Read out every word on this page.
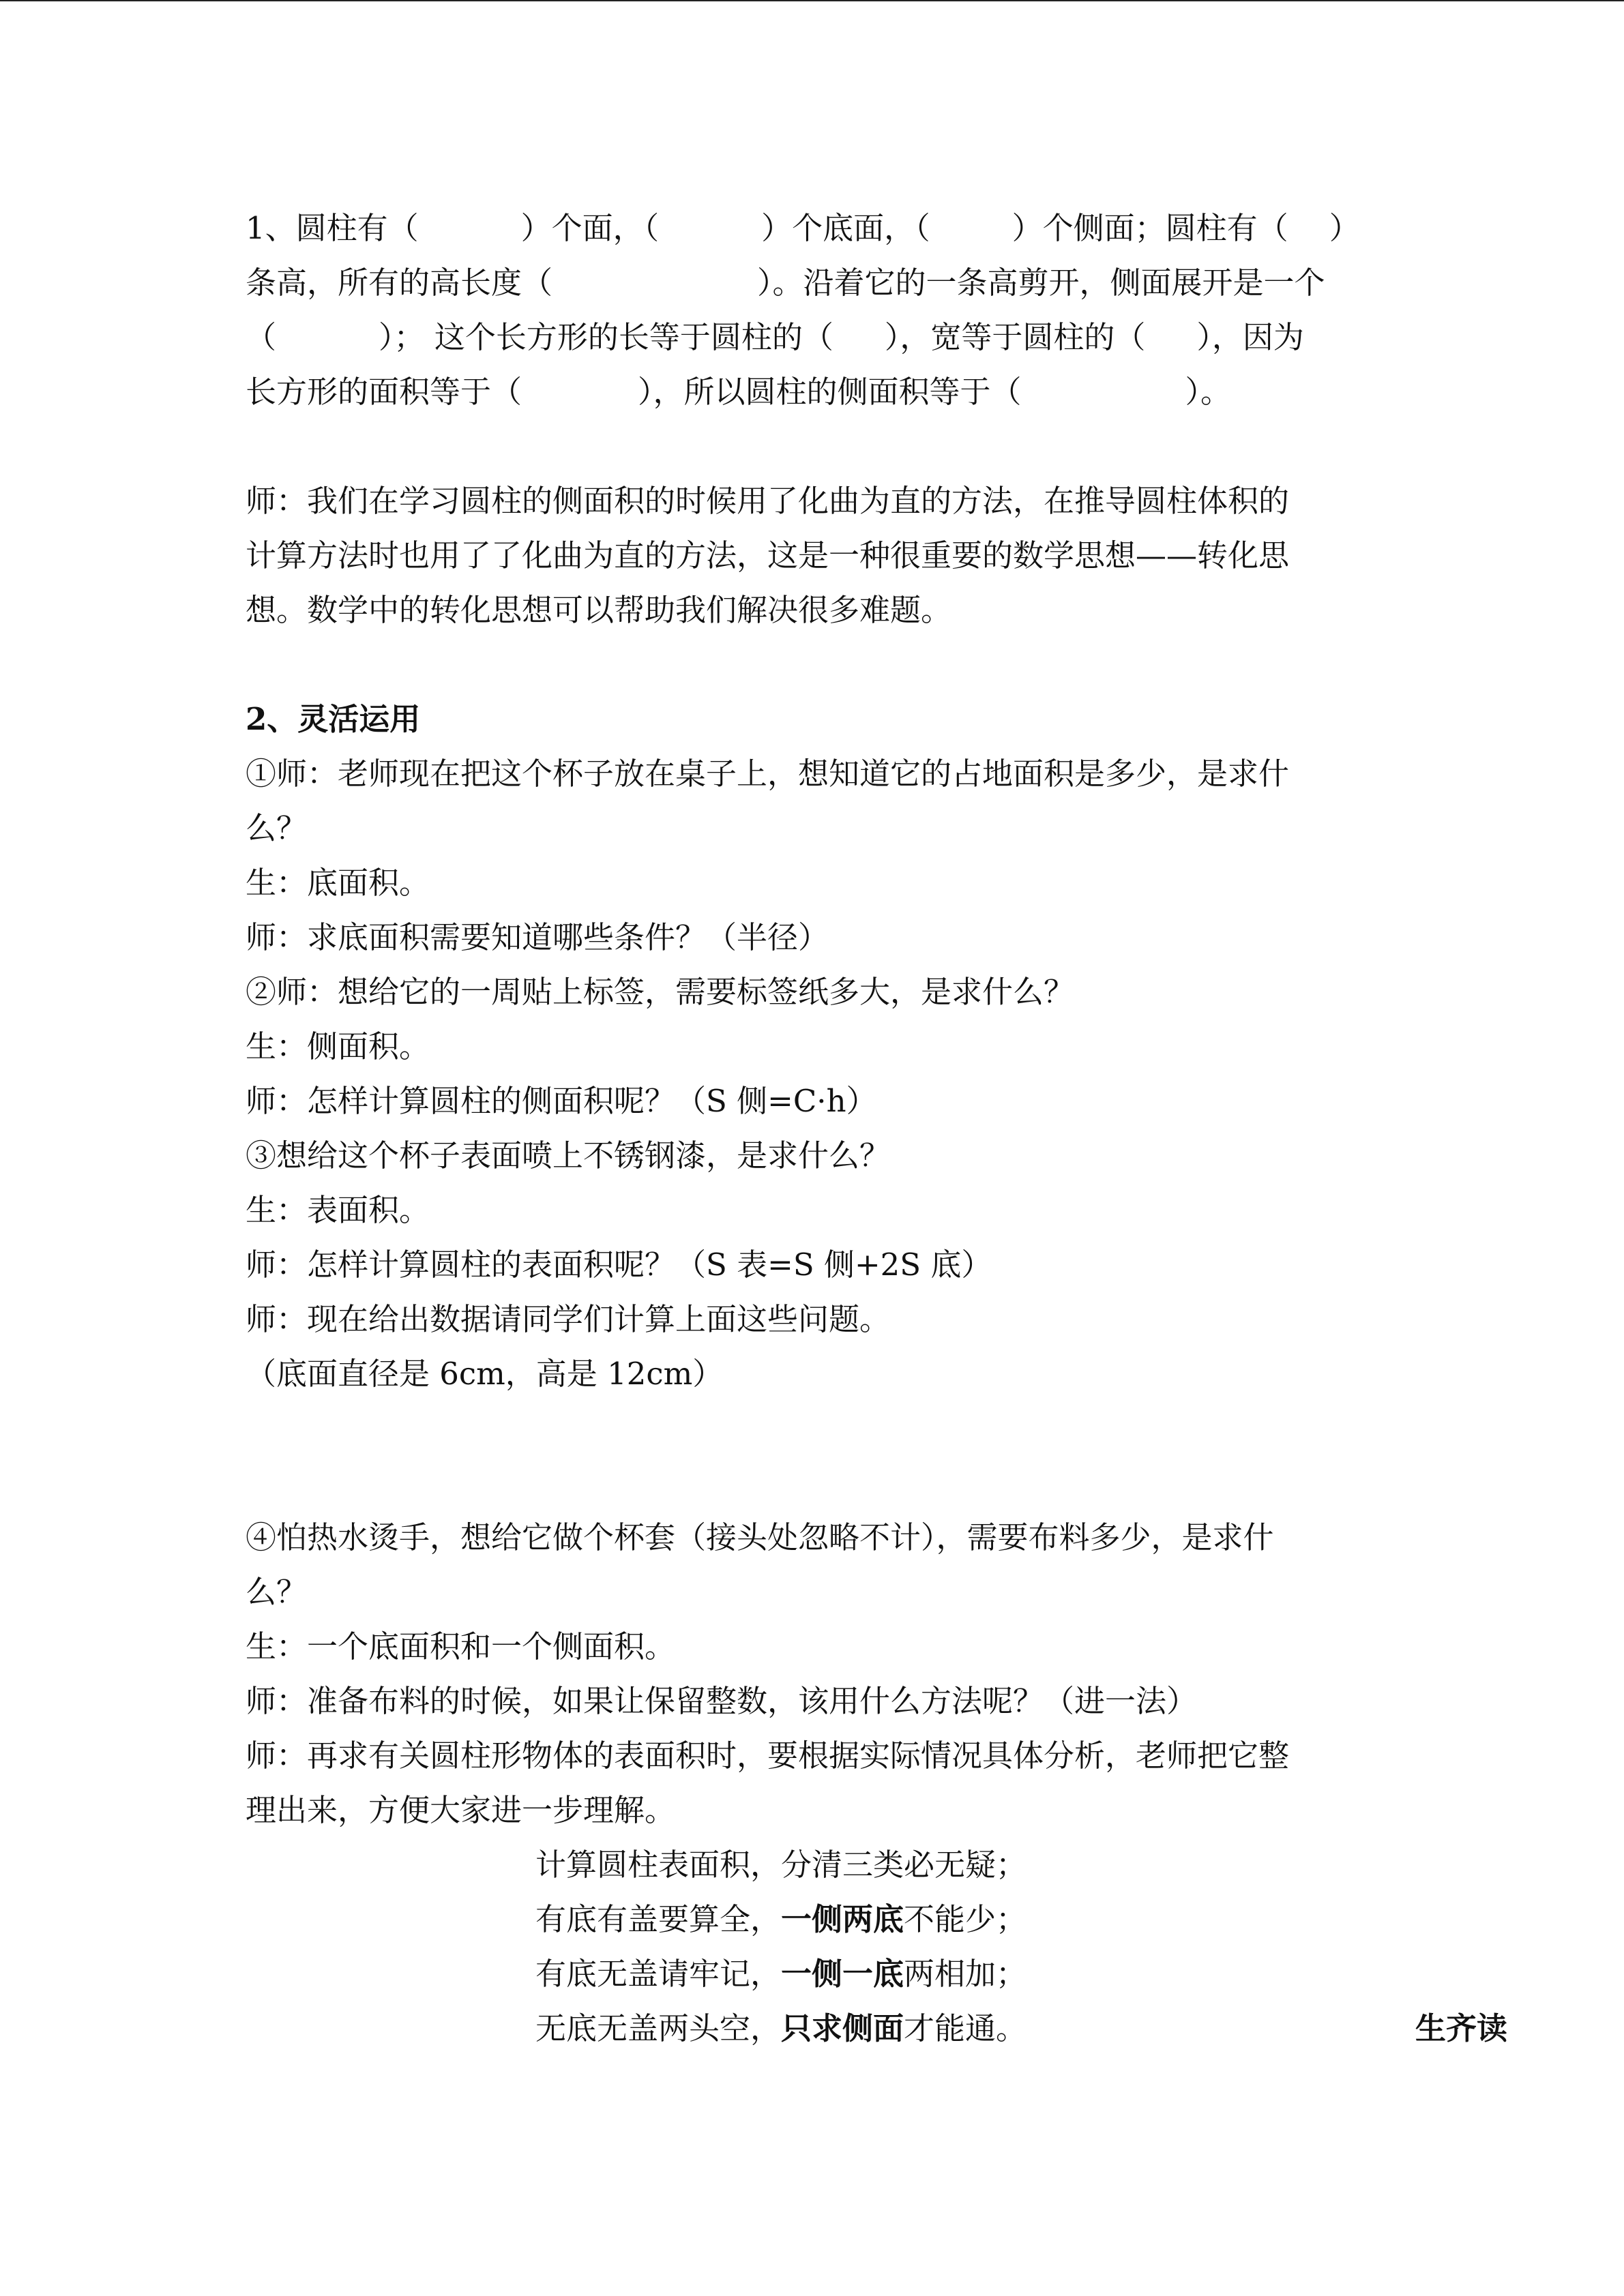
1、圆柱有（	）个面，（	）个底面，（	）个侧面；圆柱有（ ）
条高，所有的高长度（	）。沿着它的一条高剪开，侧面展开是一个
（	）； 这个长方形的长等于圆柱的（ ），宽等于圆柱的（ ），因为
长方形的面积等于（	），所以圆柱的侧面积等于（	）。
师：我们在学习圆柱的侧面积的时候用了化曲为直的方法，在推导圆柱体积的
计算方法时也用了了化曲为直的方法，这是一种很重要的数学思想——转化思
想。数学中的转化思想可以帮助我们解决很多难题。
2、灵活运用
①师：老师现在把这个杯子放在桌子上，想知道它的占地面积是多少，是求什
么？
生：底面积。
师：求底面积需要知道哪些条件？（半径）
②师：想给它的一周贴上标签，需要标签纸多大，是求什么？
生：侧面积。
师：怎样计算圆柱的侧面积呢？（S 侧=C·h）
③想给这个杯子表面喷上不锈钢漆，是求什么？
生：表面积。
师：怎样计算圆柱的表面积呢？（S 表=S 侧+2S 底）
师：现在给出数据请同学们计算上面这些问题。
（底面直径是 6cm，高是 12cm）
④怕热水烫手，想给它做个杯套（接头处忽略不计），需要布料多少，是求什
么？
生：一个底面积和一个侧面积。
师：准备布料的时候，如果让保留整数，该用什么方法呢？（进一法）
师：再求有关圆柱形物体的表面积时，要根据实际情况具体分析，老师把它整
理出来，方便大家进一步理解。
计算圆柱表面积，分清三类必无疑；
有底有盖要算全，一侧两底不能少；
有底无盖请牢记，一侧一底两相加；
无底无盖两头空，只求侧面才能通。	生齐读
